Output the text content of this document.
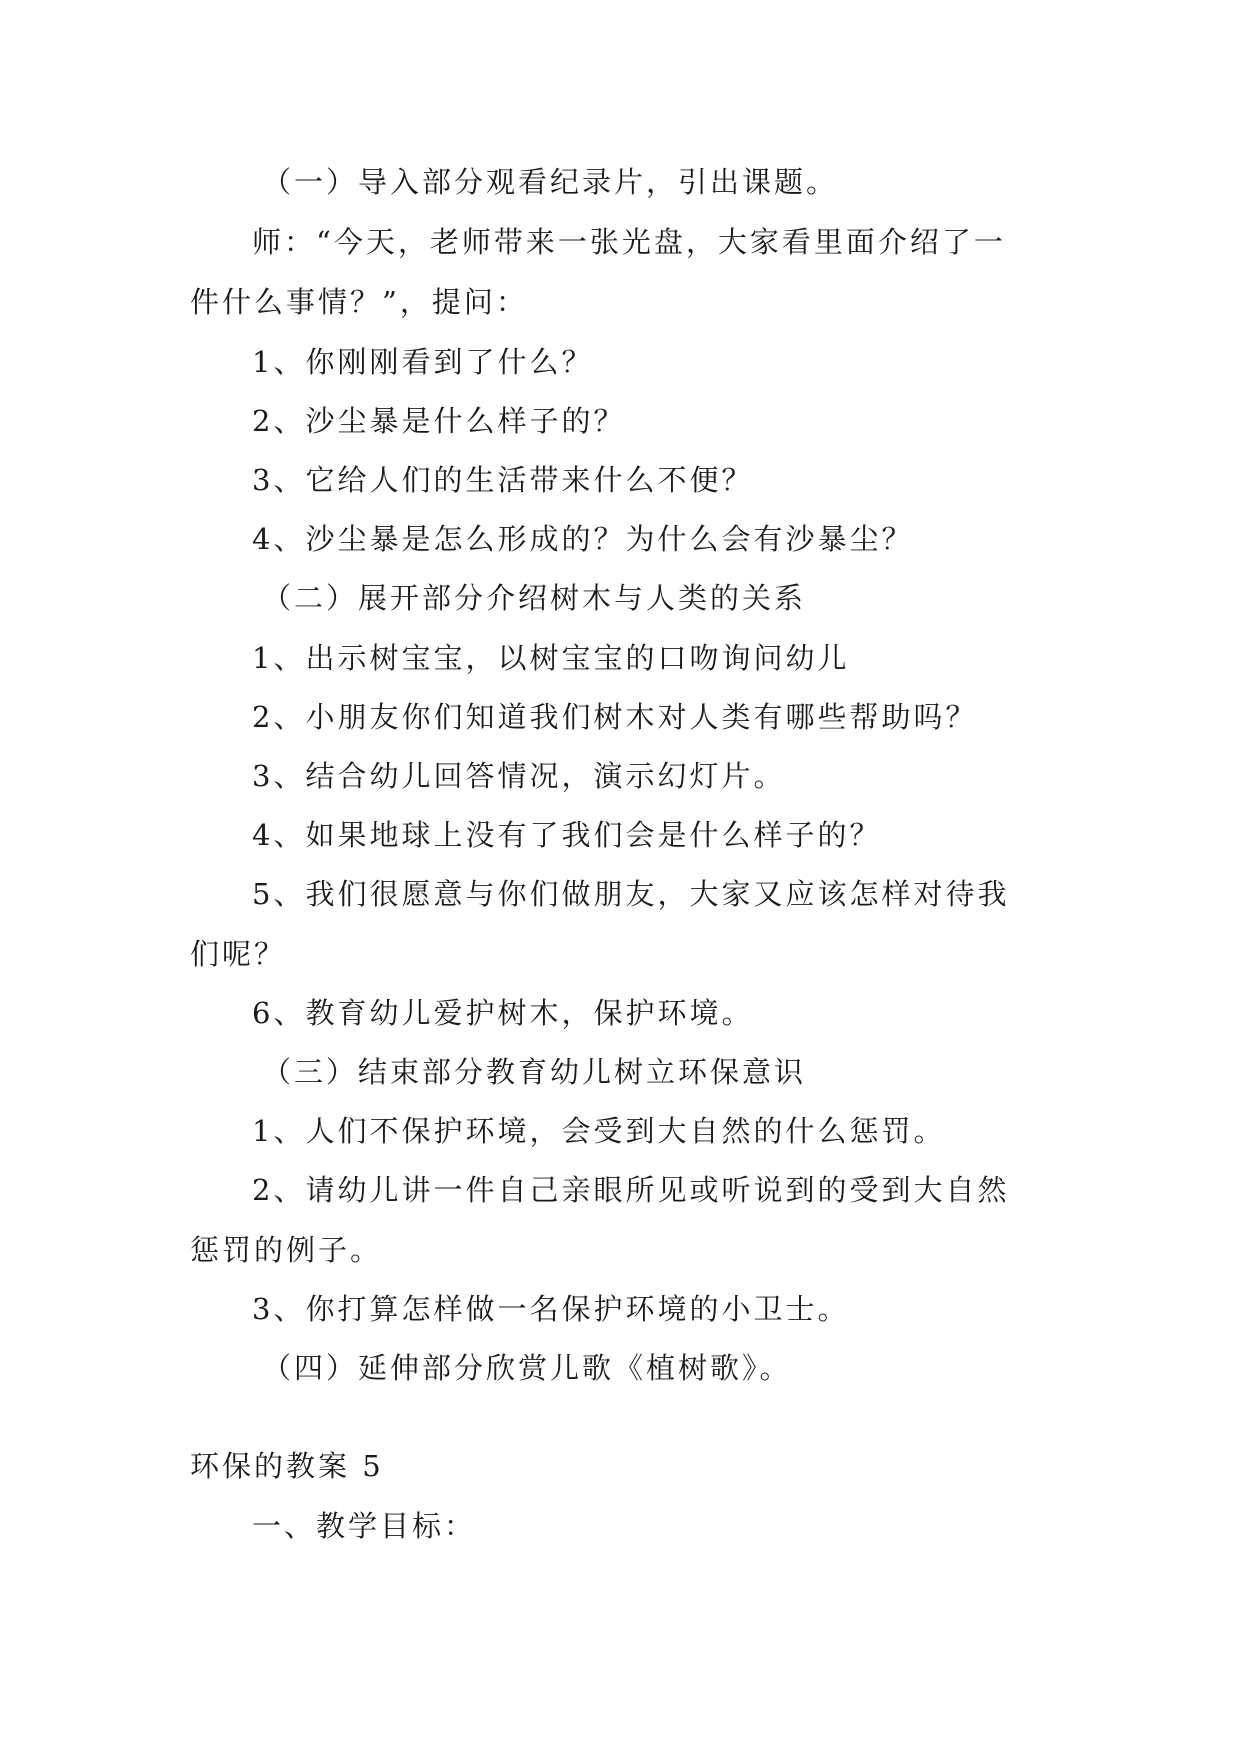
（一）导入部分观看纪录片，引出课题。
师：“今天，老师带来一张光盘，大家看里面介绍了一
件什么事情？”，提问：
1、你刚刚看到了什么？
2、沙尘暴是什么样子的？
3、它给人们的生活带来什么不便？
4、沙尘暴是怎么形成的？为什么会有沙暴尘？
（二）展开部分介绍树木与人类的关系
1、出示树宝宝，以树宝宝的口吻询问幼儿
2、小朋友你们知道我们树木对人类有哪些帮助吗？
3、结合幼儿回答情况，演示幻灯片。
4、如果地球上没有了我们会是什么样子的？
5、我们很愿意与你们做朋友，大家又应该怎样对待我
们呢？
6、教育幼儿爱护树木，保护环境。
（三）结束部分教育幼儿树立环保意识
1、人们不保护环境，会受到大自然的什么惩罚。
2、请幼儿讲一件自己亲眼所见或听说到的受到大自然
惩罚的例子。
3、你打算怎样做一名保护环境的小卫士。
（四）延伸部分欣赏儿歌《植树歌》。
环保的教案 5
一、教学目标：
